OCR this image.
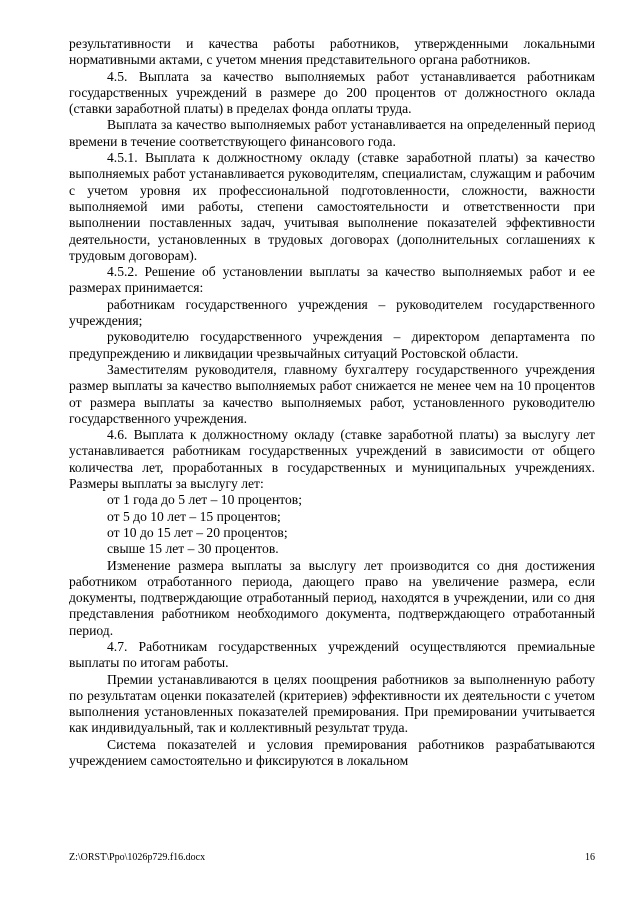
результативности и качества работы работников, утвержденными локальными нормативными актами, с учетом мнения представительного органа работников.

4.5. Выплата за качество выполняемых работ устанавливается работникам государственных учреждений в размере до 200 процентов от должностного оклада (ставки заработной платы) в пределах фонда оплаты труда.

Выплата за качество выполняемых работ устанавливается на определенный период времени в течение соответствующего финансового года.

4.5.1. Выплата к должностному окладу (ставке заработной платы) за качество выполняемых работ устанавливается руководителям, специалистам, служащим и рабочим с учетом уровня их профессиональной подготовленности, сложности, важности выполняемой ими работы, степени самостоятельности и ответственности при выполнении поставленных задач, учитывая выполнение показателей эффективности деятельности, установленных в трудовых договорах (дополнительных соглашениях к трудовым договорам).

4.5.2. Решение об установлении выплаты за качество выполняемых работ и ее размерах принимается:

работникам государственного учреждения – руководителем государственного учреждения;

руководителю государственного учреждения – директором департамента по предупреждению и ликвидации чрезвычайных ситуаций Ростовской области.

Заместителям руководителя, главному бухгалтеру государственного учреждения размер выплаты за качество выполняемых работ снижается не менее чем на 10 процентов от размера выплаты за качество выполняемых работ, установленного руководителю государственного учреждения.

4.6. Выплата к должностному окладу (ставке заработной платы) за выслугу лет устанавливается работникам государственных учреждений в зависимости от общего количества лет, проработанных в государственных и муниципальных учреждениях. Размеры выплаты за выслугу лет:

от 1 года до 5 лет – 10 процентов;

от 5 до 10 лет – 15 процентов;

от 10 до 15 лет – 20 процентов;

свыше 15 лет – 30 процентов.

Изменение размера выплаты за выслугу лет производится со дня достижения работником отработанного периода, дающего право на увеличение размера, если документы, подтверждающие отработанный период, находятся в учреждении, или со дня представления работником необходимого документа, подтверждающего отработанный период.

4.7. Работникам государственных учреждений осуществляются премиальные выплаты по итогам работы.

Премии устанавливаются в целях поощрения работников за выполненную работу по результатам оценки показателей (критериев) эффективности их деятельности с учетом выполнения установленных показателей премирования. При премировании учитывается как индивидуальный, так и коллективный результат труда.

Система показателей и условия премирования работников разрабатываются учреждением самостоятельно и фиксируются в локальном

Z:\ORST\Ppo\1026p729.f16.docx	16
